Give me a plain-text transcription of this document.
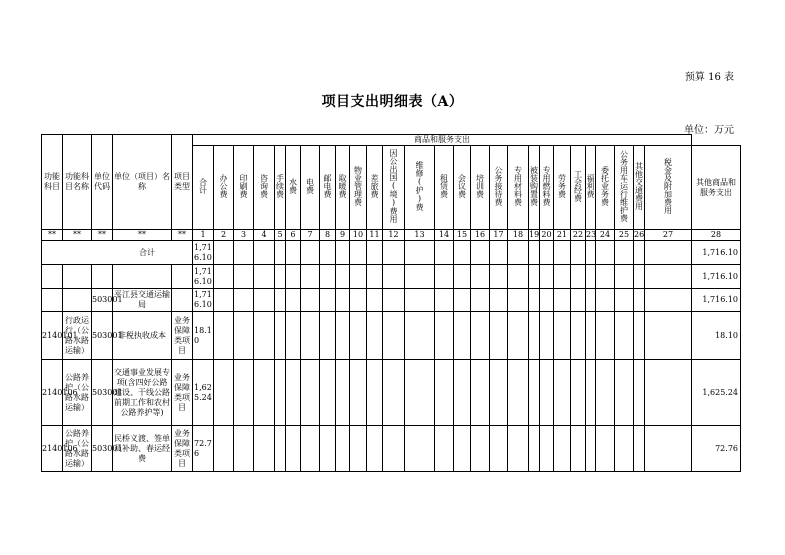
预算 16 表
项目支出明细表（A）
单位：万元
功能科目	功能科目名称	单位代码	单位（项目）名称	项目类型	商品和服务支出																											
					合计	办公费	印刷费	咨询费	手续费	水费	电费	邮电费	取暖费	物业管理费	差旅费	因公出国(境)费用	维修(护)费	租赁费	会议费	培训费	公务接待费	专用材料费	被装购置费	专用燃料费	劳务费	工会经费	福利费	委托业务费	公务用车运行维护费	其他交通费用	税金及附加费用	其他商品和服务支出
**	**	**	**	**	1	2	3	4	5	6	7	8	9	10	11	12	13	14	15	16	17	18	19	20	21	22	23	24	25	26	27	28
合计					1,716.10																											1,716.10
					1,716.10																											1,716.10
		503001	平江县交通运输局		1,716.10																											1,716.10
2140101	行政运行（公路水路运输）	503001	非税执收成本	业务保障类项目	18.10																											18.10
2140106	公路养护（公路水路运输）	503001	交通事业发展专项(含四好公路建设、干线公路前期工作和农村公路养护等)	业务保障类项目	1,625.24																											1,625.24
2140106	公路养护（公路水路运输）	503001	民桥义渡、签单员补助、春运经费	业务保障类项目	72.76																											72.76
